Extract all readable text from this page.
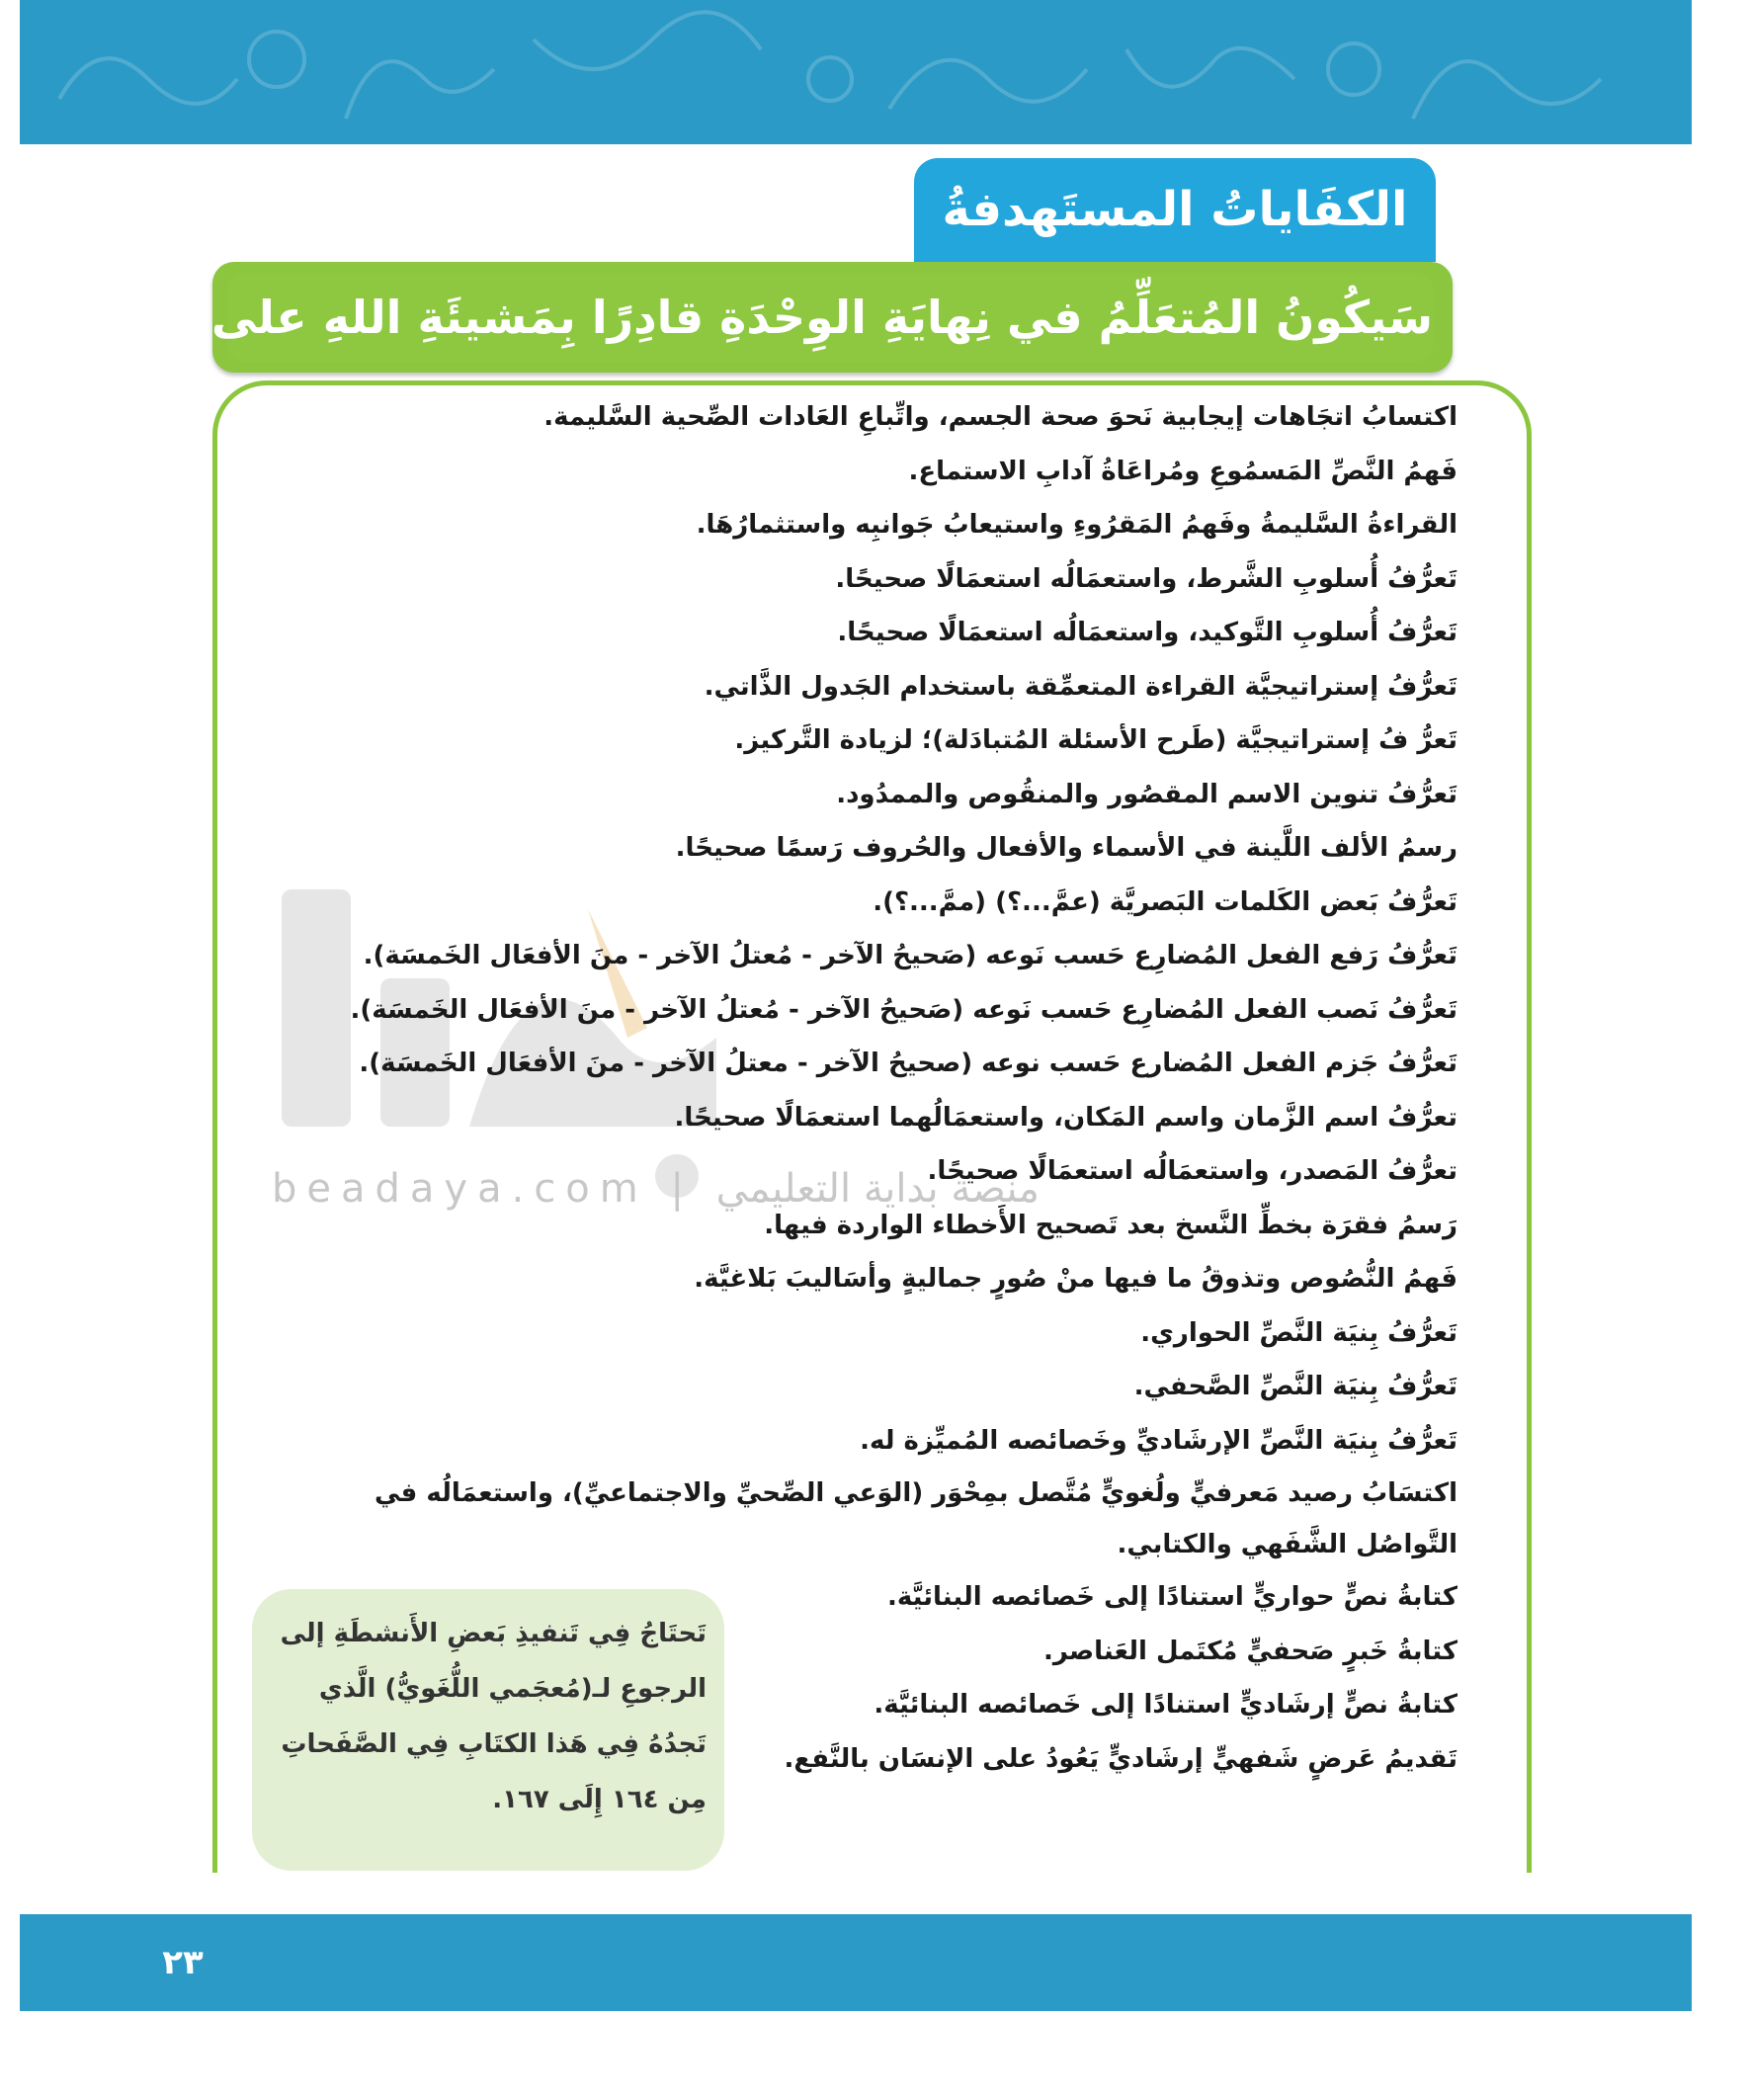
الكفَاياتُ المستَهدفةُ
سَيكُونُ المُتعَلِّمُ في نِهايَةِ الوِحْدَةِ قادِرًا بِمَشيئَةِ اللهِ على الآتي:
beadaya.com | منصة بداية التعليمي
اكتسابُ اتجَاهات إيجابية نَحوَ صحة الجسم، واتِّباعِ العَادات الصِّحية السَّليمة.
فَهمُ النَّصِّ المَسمُوعِ ومُراعَاةُ آدابِ الاستماع.
القراءةُ السَّليمةُ وفَهمُ المَقرُوءِ واستيعابُ جَوانبِه واستثمارُهَا.
تَعرُّفُ أُسلوبِ الشَّرط، واستعمَالُه استعمَالًا صحيحًا.
تَعرُّفُ أُسلوبِ التَّوكيد، واستعمَالُه استعمَالًا صحيحًا.
تَعرُّفُ إستراتيجيَّة القراءة المتعمِّقة باستخدام الجَدول الذَّاتي.
تَعرُّ فُ إستراتيجيَّة (طَرح الأسئلة المُتبادَلة)؛ لزيادة التَّركيز.
تَعرُّفُ تنوين الاسم المقصُور والمنقُوص والممدُود.
رسمُ الألف اللَّينة في الأسماء والأفعال والحُروف رَسمًا صحيحًا.
تَعرُّفُ بَعض الكَلمات البَصريَّة (عمَّ...؟) (ممَّ...؟).
تَعرُّفُ رَفع الفعل المُضارِع حَسب نَوعه (صَحيحُ الآخر - مُعتلُ الآخر - منَ الأفعَال الخَمسَة).
تَعرُّفُ نَصب الفعل المُضارِع حَسب نَوعه (صَحيحُ الآخر - مُعتلُ الآخر - منَ الأفعَال الخَمسَة).
تَعرُّفُ جَزم الفعل المُضارع حَسب نوعه (صحيحُ الآخر - معتلُ الآخر - منَ الأفعَال الخَمسَة).
تعرُّفُ اسم الزَّمان واسم المَكان، واستعمَالُهما استعمَالًا صحيحًا.
تعرُّفُ المَصدر، واستعمَالُه استعمَالًا صحيحًا.
رَسمُ فقرَة بخطِّ النَّسخ بعد تَصحيح الأَخطاء الواردة فيها.
فَهمُ النُّصُوص وتذوقُ ما فيها منْ صُورٍ جماليةٍ وأسَاليبَ بَلاغيَّة.
تَعرُّفُ بِنيَة النَّصِّ الحواري.
تَعرُّفُ بِنيَة النَّصِّ الصَّحفي.
تَعرُّفُ بِنيَة النَّصِّ الإرشَاديِّ وخَصائصه المُميِّزة له.
اكتسَابُ رصيد مَعرفيٍّ ولُغويٍّ مُتَّصل بمِحْوَر (الوَعي الصِّحيِّ والاجتماعيِّ)، واستعمَالُه في التَّواصُل الشَّفَهي والكتابي.
كتابةُ نصٍّ حواريٍّ استنادًا إلى خَصائصه البنائيَّة.
كتابةُ خَبرٍ صَحفيٍّ مُكتَمل العَناصر.
كتابةُ نصٍّ إرشَاديٍّ استنادًا إلى خَصائصه البنائيَّة.
تَقديمُ عَرضٍ شَفهيٍّ إرشَاديٍّ يَعُودُ على الإنسَان بالنَّفع.
تَحتَاجُ فِي تَنفيذِ بَعضِ الأَنشطَةِ إلى الرجوعِ لـ(مُعجَمي اللُّغَويُّ) الَّذي تَجدُهُ فِي هَذا الكتَابِ فِي الصَّفَحاتِ مِن ١٦٤ إِلَى ١٦٧.
٢٣
